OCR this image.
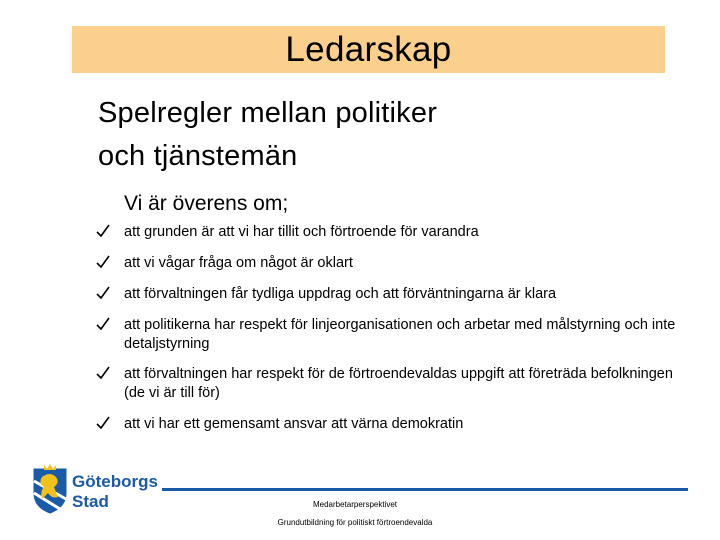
Ledarskap
Spelregler mellan politiker
och tjänstemän
Vi är överens om;
att grunden är att vi har tillit och förtroende för varandra
att vi vågar fråga om något är oklart
att förvaltningen får tydliga uppdrag och att förväntningarna är klara
att politikerna har respekt för linjeorganisationen och arbetar med målstyrning och inte detaljstyrning
att förvaltningen har respekt för de förtroendevaldas uppgift att företräda befolkningen (de vi är till för)
att vi har ett gemensamt ansvar att värna demokratin
Göteborgs
Stad	Medarbetarperspektivet
Grundutbildning för politiskt förtroendevalda
